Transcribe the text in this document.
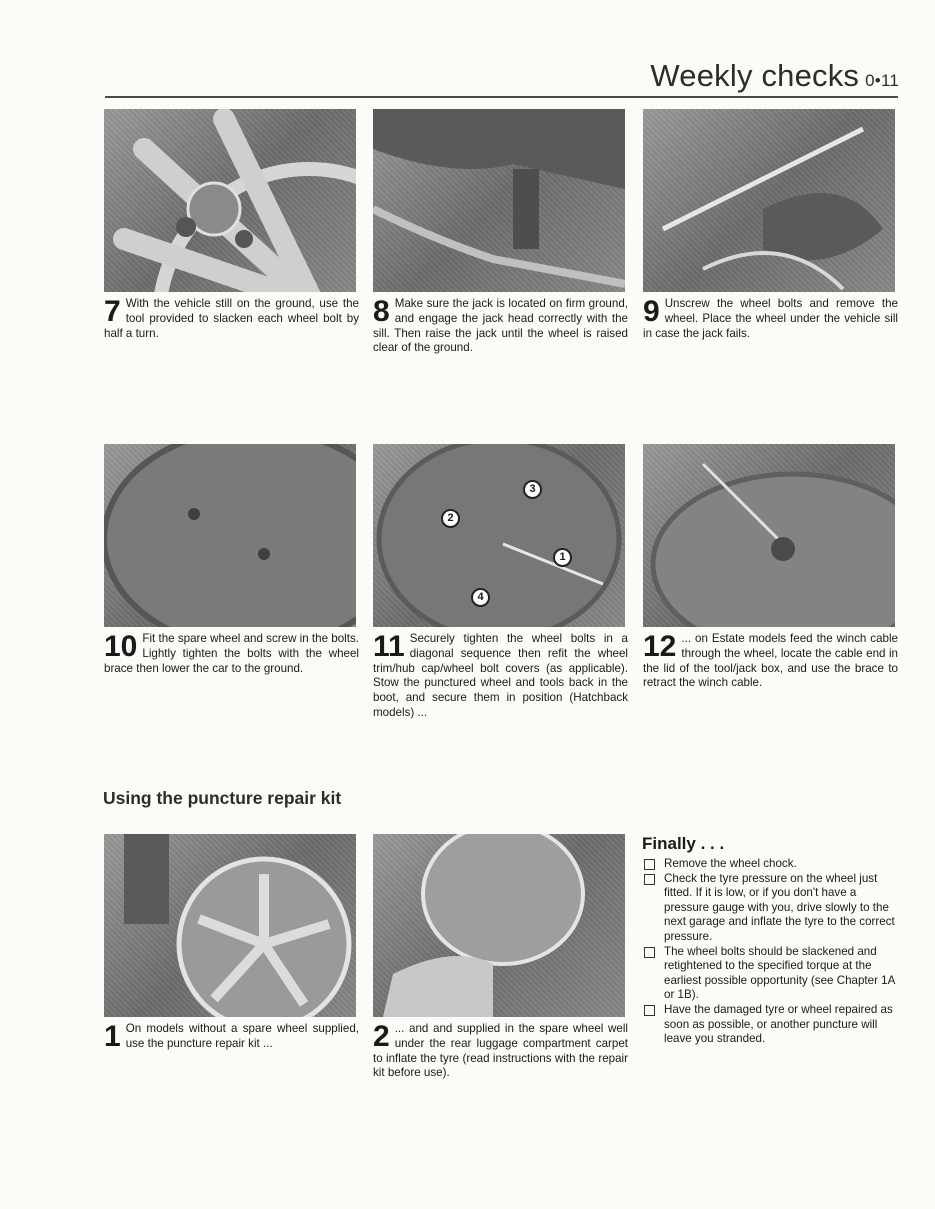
Weekly checks 0•11
7 With the vehicle still on the ground, use the tool provided to slacken each wheel bolt by half a turn.
8 Make sure the jack is located on firm ground, and engage the jack head correctly with the sill. Then raise the jack until the wheel is raised clear of the ground.
9 Unscrew the wheel bolts and remove the wheel. Place the wheel under the vehicle sill in case the jack fails.
1
2
3
4
10 Fit the spare wheel and screw in the bolts. Lightly tighten the bolts with the wheel brace then lower the car to the ground.
11 Securely tighten the wheel bolts in a diagonal sequence then refit the wheel trim/hub cap/wheel bolt covers (as applicable). Stow the punctured wheel and tools back in the boot, and secure them in position (Hatchback models) ...
12 ... on Estate models feed the winch cable through the wheel, locate the cable end in the lid of the tool/jack box, and use the brace to retract the winch cable.
Using the puncture repair kit
1 On models without a spare wheel supplied, use the puncture repair kit ...	2 ... and and supplied in the spare wheel well under the rear luggage compartment carpet to inflate the tyre (read instructions with the repair kit before use).
Finally . . .
Remove the wheel chock.
Check the tyre pressure on the wheel just fitted. If it is low, or if you don't have a pressure gauge with you, drive slowly to the next garage and inflate the tyre to the correct pressure.
The wheel bolts should be slackened and retightened to the specified torque at the earliest possible opportunity (see Chapter 1A or 1B).
Have the damaged tyre or wheel repaired as soon as possible, or another puncture will leave you stranded.
